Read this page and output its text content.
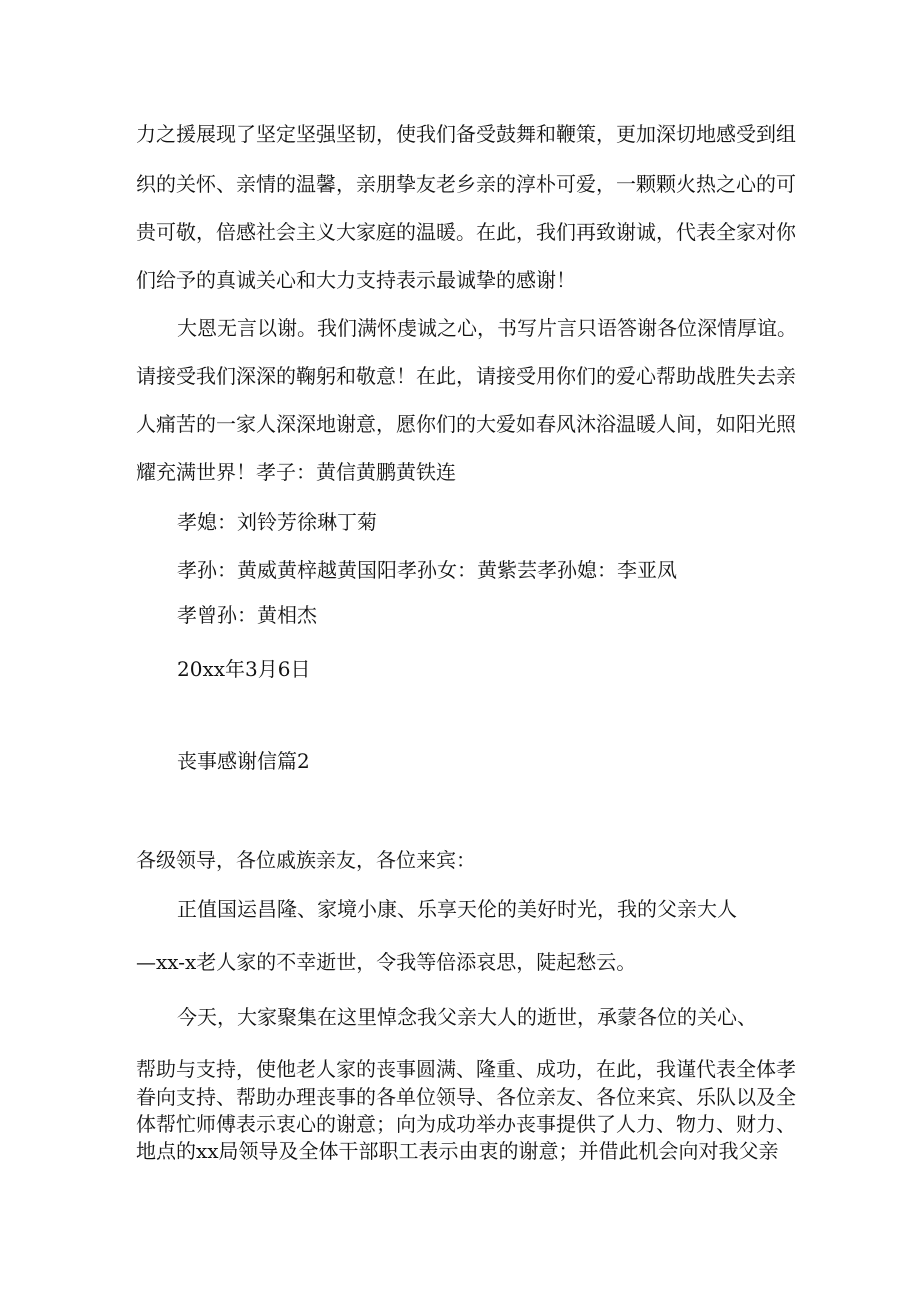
力之援展现了坚定坚强坚韧，使我们备受鼓舞和鞭策，更加深切地感受到组
织的关怀、亲情的温馨，亲朋挚友老乡亲的淳朴可爱，一颗颗火热之心的可
贵可敬，倍感社会主义大家庭的温暖。在此，我们再致谢诚，代表全家对你
们给予的真诚关心和大力支持表示最诚挚的感谢！
大恩无言以谢。我们满怀虔诚之心，书写片言只语答谢各位深情厚谊。
请接受我们深深的鞠躬和敬意！在此，请接受用你们的爱心帮助战胜失去亲
人痛苦的一家人深深地谢意，愿你们的大爱如春风沐浴温暖人间，如阳光照
耀充满世界！孝子：黄信黄鹏黄铁连
孝媳：刘铃芳徐琳丁菊
孝孙：黄威黄梓越黄国阳孝孙女：黄紫芸孝孙媳：李亚凤
孝曾孙：黄相杰
20xx年3月6日
丧事感谢信篇2
各级领导，各位戚族亲友，各位来宾：
正值国运昌隆、家境小康、乐享天伦的美好时光，我的父亲大人
—xx-x老人家的不幸逝世，令我等倍添哀思，陡起愁云。
今天，大家聚集在这里悼念我父亲大人的逝世，承蒙各位的关心、
帮助与支持，使他老人家的丧事圆满、隆重、成功，在此，我谨代表全体孝
眷向支持、帮助办理丧事的各单位领导、各位亲友、各位来宾、乐队以及全
体帮忙师傅表示衷心的谢意；向为成功举办丧事提供了人力、物力、财力、
地点的xx局领导及全体干部职工表示由衷的谢意；并借此机会向对我父亲
